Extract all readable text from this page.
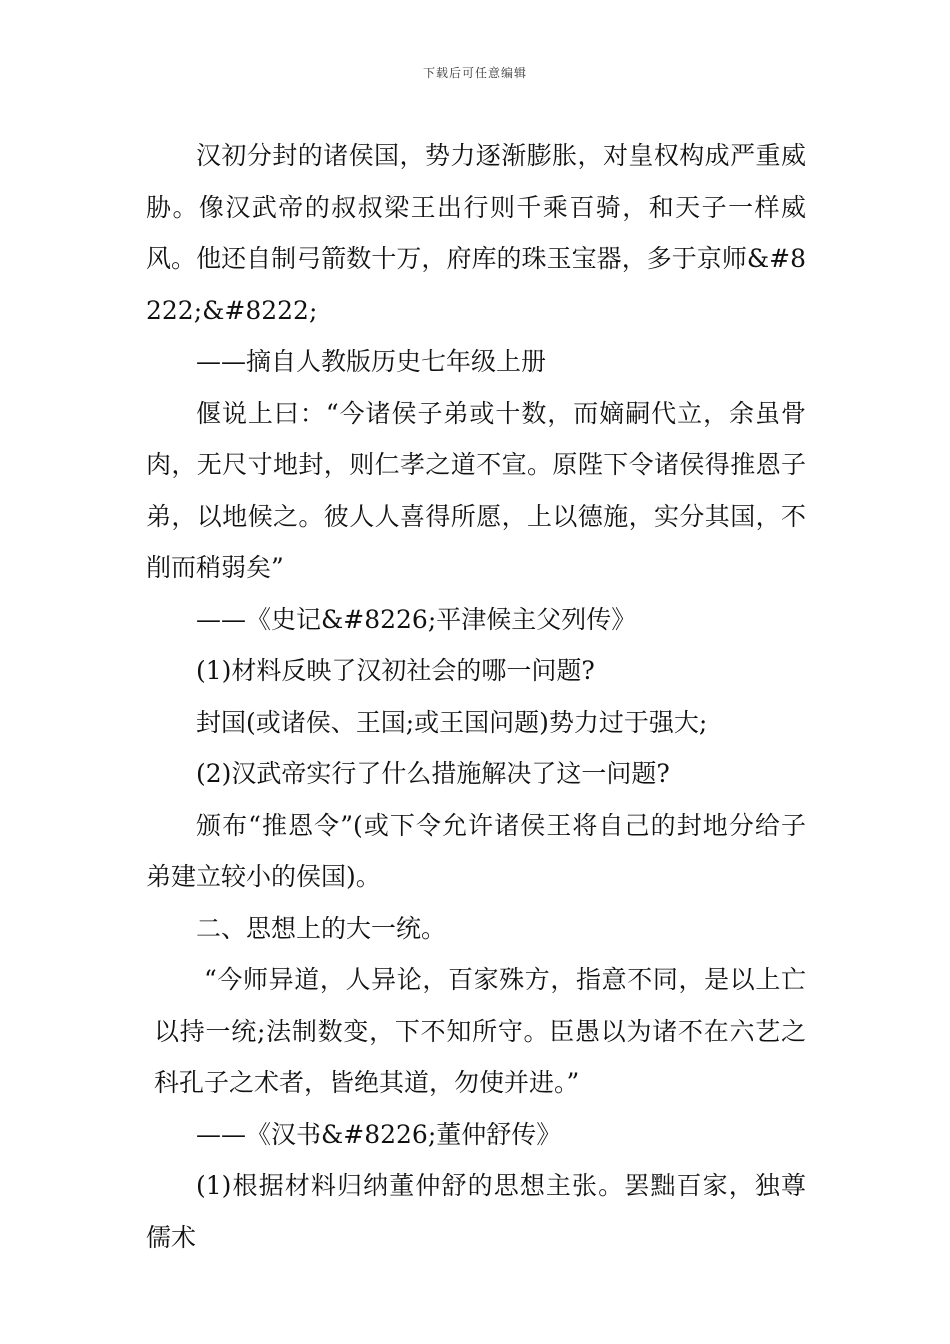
下载后可任意编辑

汉初分封的诸侯国，势力逐渐膨胀，对皇权构成严重威胁。像汉武帝的叔叔梁王出行则千乘百骑，和天子一样威风。他还自制弓箭数十万，府库的珠玉宝器，多于京师&#8222;&#8222;

——摘自人教版历史七年级上册

偃说上曰：“今诸侯子弟或十数，而嫡嗣代立，余虽骨肉，无尺寸地封，则仁孝之道不宣。原陛下令诸侯得推恩子弟，以地候之。彼人人喜得所愿，上以德施，实分其国，不削而稍弱矣”

——《史记&#8226;平津候主父列传》

(1)材料反映了汉初社会的哪一问题?

封国(或诸侯、王国;或王国问题)势力过于强大;

(2)汉武帝实行了什么措施解决了这一问题?

颁布“推恩令”(或下令允许诸侯王将自己的封地分给子弟建立较小的侯国)。

二、思想上的大一统。

“今师异道，人异论，百家殊方，指意不同，是以上亡以持一统;法制数变，下不知所守。臣愚以为诸不在六艺之科孔子之术者，皆绝其道，勿使并进。”

——《汉书&#8226;董仲舒传》

(1)根据材料归纳董仲舒的思想主张。罢黜百家，独尊儒术
